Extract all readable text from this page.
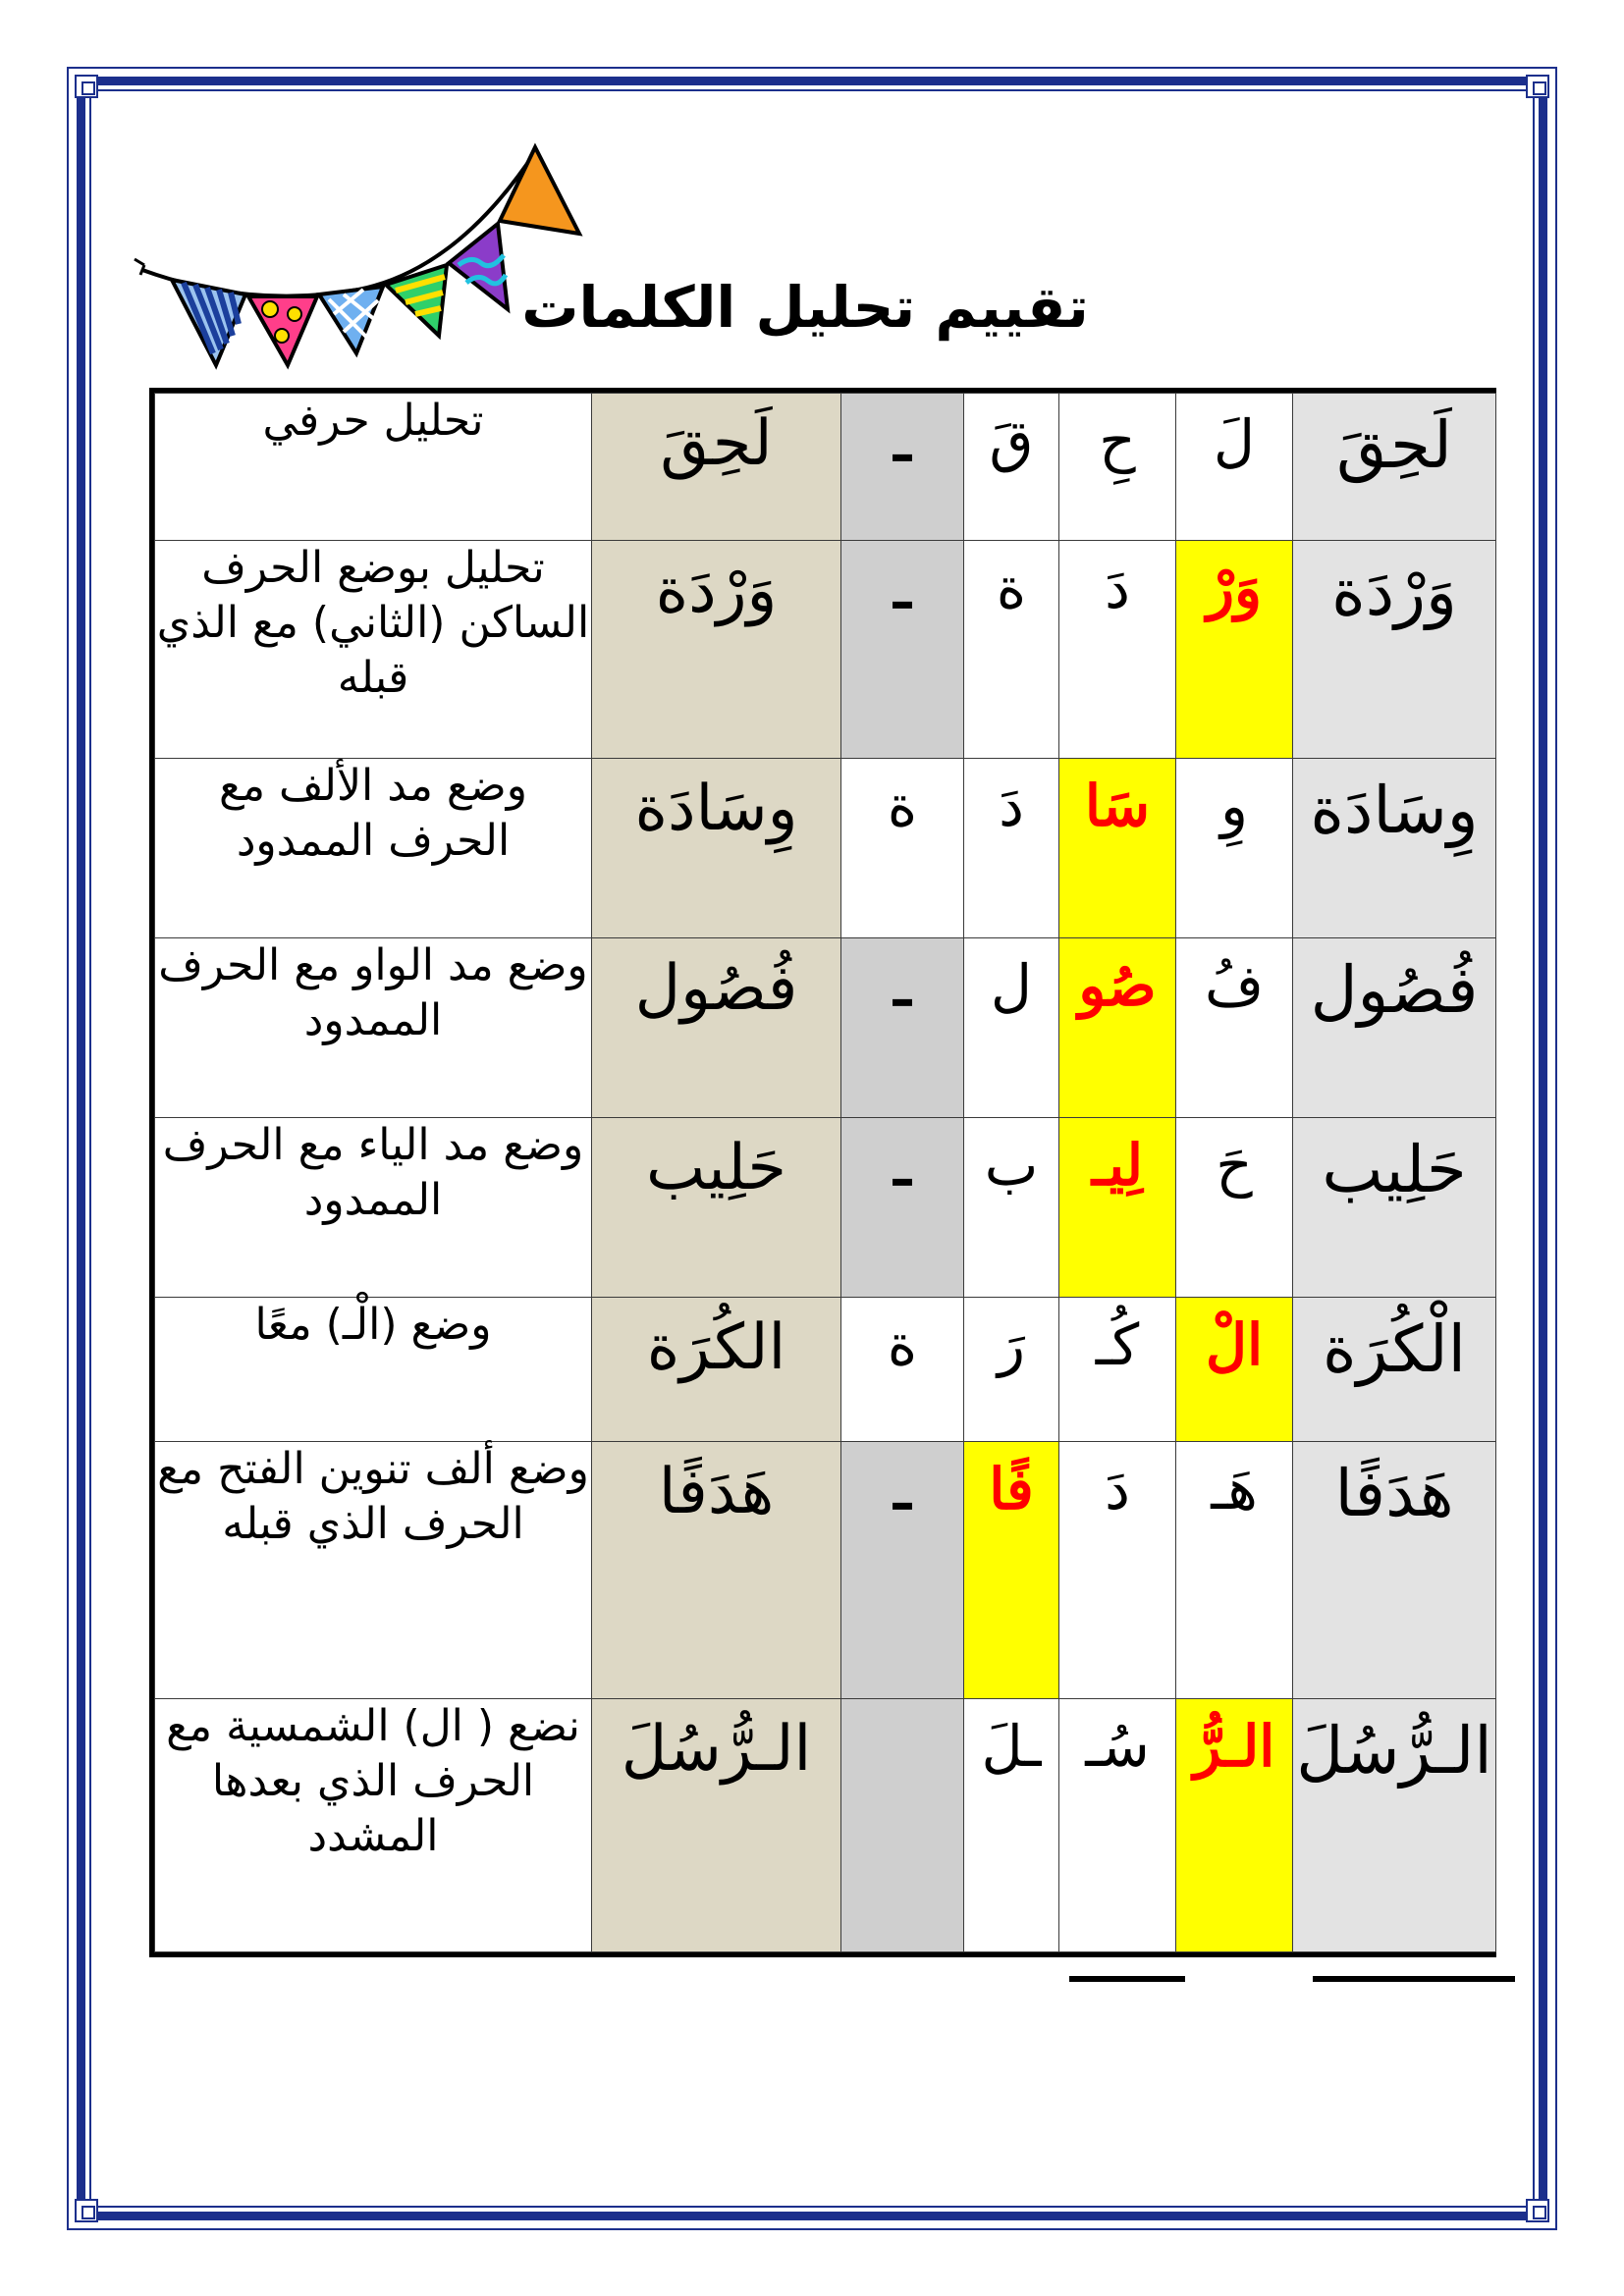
تقييم تحليل الكلمات
لَحِقَ	لَ	حِ	قَ	ـ	لَحِقَ	تحليل حرفي

وَرْدَة	وَرْ	دَ	ة	ـ	وَرْدَة	تحليل بوضع الحرف الساكن (الثاني) مع الذي قبله

وِسَادَة	وِ	سَا	دَ	ة	وِسَادَة	وضع مد الألف مع الحرف الممدود

فُصُول	فُ	صُو	ل	ـ	فُصُول	وضع مد الواو مع الحرف الممدود

حَلِيب	حَ	لِيـ	ب	ـ	حَلِيب	وضع مد الياء مع الحرف الممدود

الْكُرَة	الْ	كُـ	رَ	ة	الكُرَة	وضع (الْـ) معًا

هَدَفًا	هَـ	دَ	فًا	ـ	هَدَفًا	وضع ألف تنوين الفتح مع الحرف الذي قبله

الـرُّسُلَ	الـرُّ	سُـ	ـلَ		الـرُّسُلَ	نضع ( ال) الشمسية مع الحرف الذي بعدها المشدد
